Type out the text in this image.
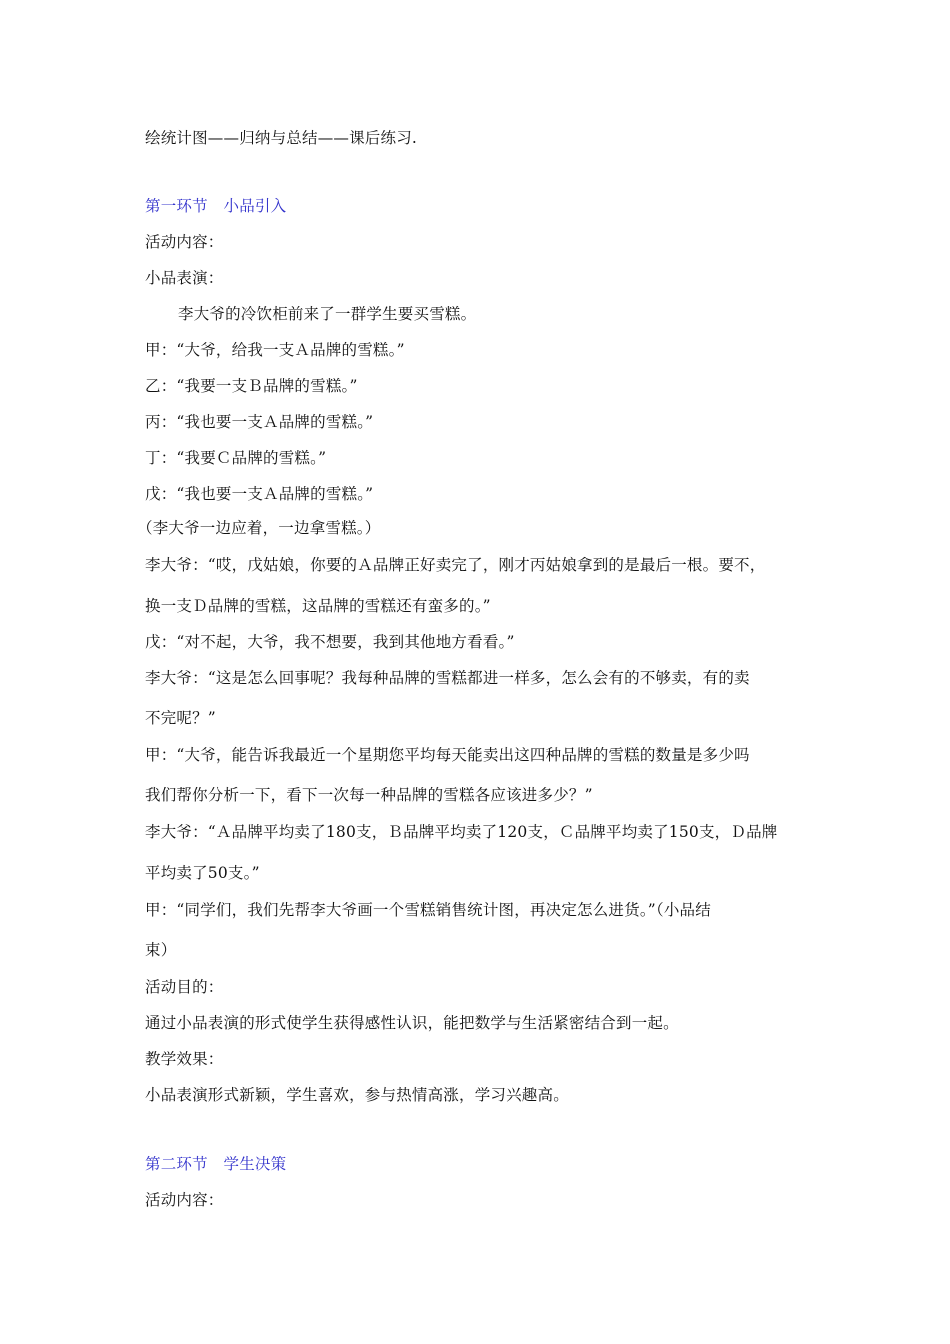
绘统计图——归纳与总结——课后练习.
第一环节　小品引入
活动内容：
小品表演：
李大爷的冷饮柜前来了一群学生要买雪糕。
甲：“大爷，给我一支Ａ品牌的雪糕。”
乙：“我要一支Ｂ品牌的雪糕。”
丙：“我也要一支Ａ品牌的雪糕。”
丁：“我要Ｃ品牌的雪糕。”
戊：“我也要一支Ａ品牌的雪糕。”
（李大爷一边应着，一边拿雪糕。）
李大爷：“哎，戊姑娘，你要的Ａ品牌正好卖完了，刚才丙姑娘拿到的是最后一根。要不，
换一支Ｄ品牌的雪糕，这品牌的雪糕还有蛮多的。”
戊：“对不起，大爷，我不想要，我到其他地方看看。”
李大爷：“这是怎么回事呢？我每种品牌的雪糕都进一样多，怎么会有的不够卖，有的卖
不完呢？”
甲：“大爷，能告诉我最近一个星期您平均每天能卖出这四种品牌的雪糕的数量是多少吗
我们帮你分析一下，看下一次每一种品牌的雪糕各应该进多少？”
李大爷：“Ａ品牌平均卖了180支，Ｂ品牌平均卖了120支，Ｃ品牌平均卖了150支，Ｄ品牌
平均卖了50支。”
甲：“同学们，我们先帮李大爷画一个雪糕销售统计图，再决定怎么进货。”（小品结
束）
活动目的：
通过小品表演的形式使学生获得感性认识，能把数学与生活紧密结合到一起。
教学效果：
小品表演形式新颖，学生喜欢，参与热情高涨，学习兴趣高。
第二环节　学生决策
活动内容：
